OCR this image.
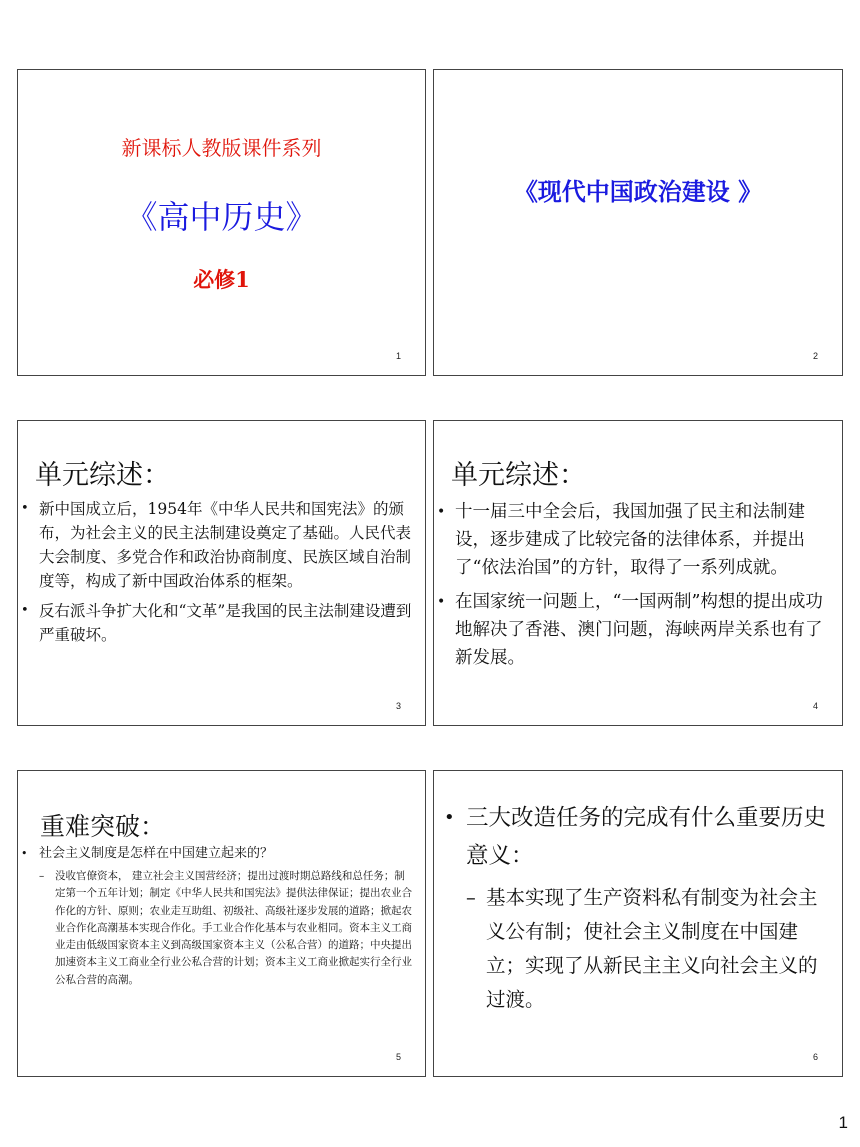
新课标人教版课件系列
《高中历史》
必修1
1
《现代中国政治建设 》
2
单元综述：
• 新中国成立后，1954年《中华人民共和国宪法》的颁布，为社会主义的民主法制建设奠定了基础。人民代表大会制度、多党合作和政治协商制度、民族区域自治制度等，构成了新中国政治体系的框架。
• 反右派斗争扩大化和“文革”是我国的民主法制建设遭到严重破坏。
3
单元综述：
• 十一届三中全会后，我国加强了民主和法制建设，逐步建成了比较完备的法律体系，并提出了“依法治国”的方针，取得了一系列成就。
• 在国家统一问题上，“一国两制”构想的提出成功地解决了香港、澳门问题，海峡两岸关系也有了新发展。
4
重难突破：
• 社会主义制度是怎样在中国建立起来的？
– 没收官僚资本， 建立社会主义国营经济；提出过渡时期总路线和总任务；制定第一个五年计划；制定《中华人民共和国宪法》提供法律保证；提出农业合作化的方针、原则；农业走互助组、初级社、高级社逐步发展的道路；掀起农业合作化高潮基本实现合作化。手工业合作化基本与农业相同。资本主义工商业走由低级国家资本主义到高级国家资本主义（公私合营）的道路；中央提出加速资本主义工商业全行业公私合营的计划；资本主义工商业掀起实行全行业公私合营的高潮。
5
• 三大改造任务的完成有什么重要历史意义：
– 基本实现了生产资料私有制变为社会主义公有制；使社会主义制度在中国建立；实现了从新民主主义向社会主义的过渡。
6
1
